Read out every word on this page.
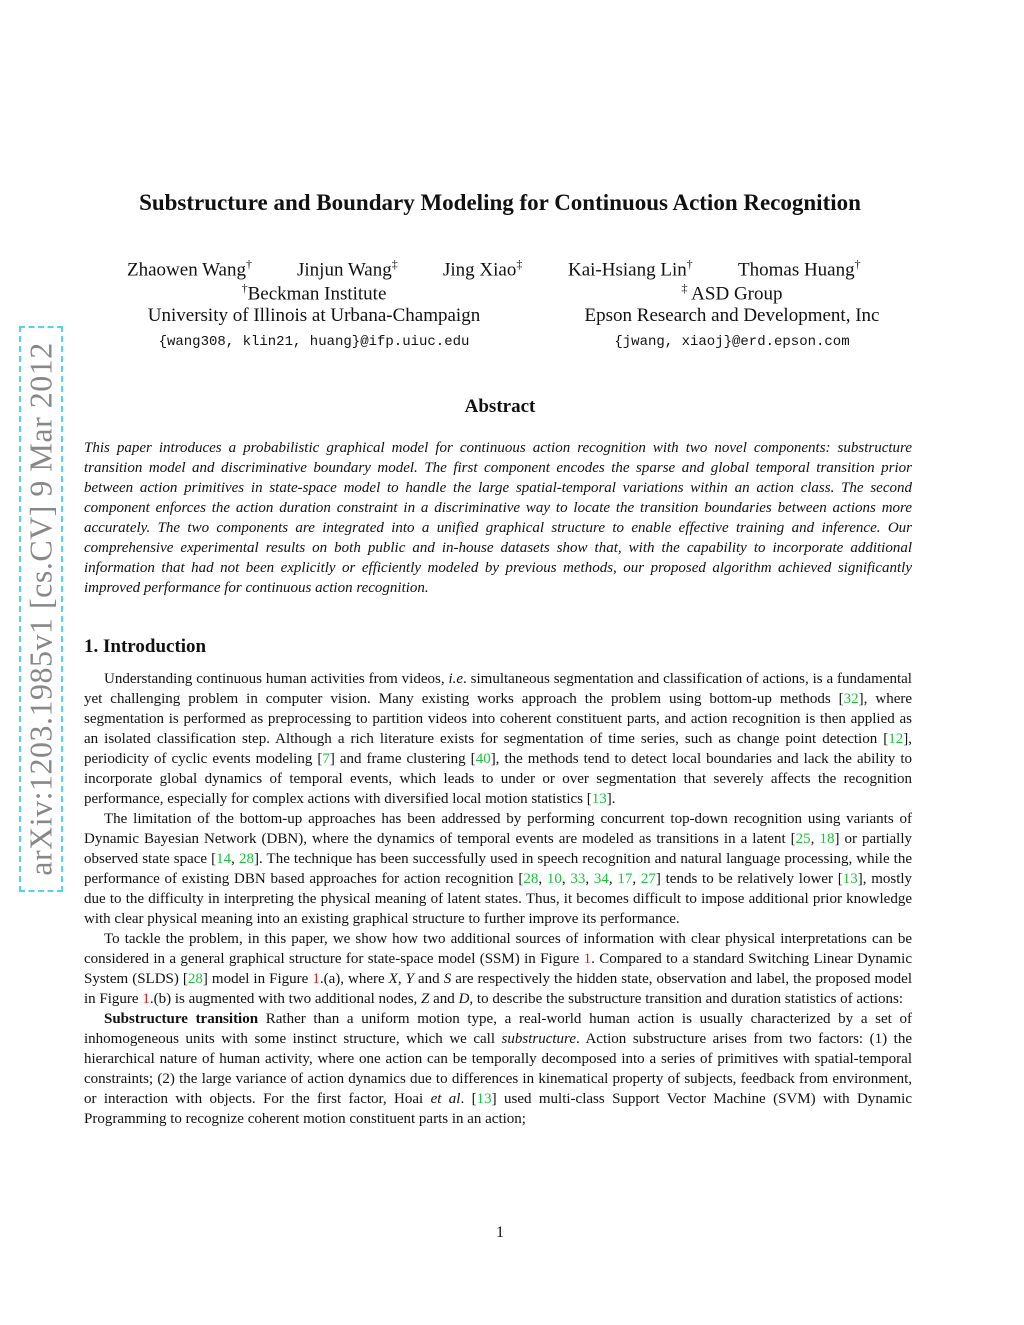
arXiv:1203.1985v1 [cs.CV] 9 Mar 2012
Substructure and Boundary Modeling for Continuous Action Recognition
Zhaowen Wang† Jinjun Wang‡ Jing Xiao‡ Kai-Hsiang Lin† Thomas Huang†
†Beckman Institute
University of Illinois at Urbana-Champaign
{wang308, klin21, huang}@ifp.uiuc.edu
‡ ASD Group
Epson Research and Development, Inc
{jwang, xiaoj}@erd.epson.com
Abstract

This paper introduces a probabilistic graphical model for continuous action recognition with two novel components: substructure transition model and discriminative boundary model. The first component encodes the sparse and global temporal transition prior between action primitives in state-space model to handle the large spatial-temporal variations within an action class. The second component enforces the action duration constraint in a discriminative way to locate the transition boundaries between actions more accurately. The two components are integrated into a unified graphical structure to enable effective training and inference. Our comprehensive experimental results on both public and in-house datasets show that, with the capability to incorporate additional information that had not been explicitly or efficiently modeled by previous methods, our proposed algorithm achieved significantly improved performance for continuous action recognition.

1. Introduction

Understanding continuous human activities from videos, i.e. simultaneous segmentation and classification of actions, is a fundamental yet challenging problem in computer vision. Many existing works approach the problem using bottom-up methods [32], where segmentation is performed as preprocessing to partition videos into coherent constituent parts, and action recognition is then applied as an isolated classification step. Although a rich literature exists for segmentation of time series, such as change point detection [12], periodicity of cyclic events modeling [7] and frame clustering [40], the methods tend to detect local boundaries and lack the ability to incorporate global dynamics of temporal events, which leads to under or over segmentation that severely affects the recognition performance, especially for complex actions with diversified local motion statistics [13].

The limitation of the bottom-up approaches has been addressed by performing concurrent top-down recognition using variants of Dynamic Bayesian Network (DBN), where the dynamics of temporal events are modeled as transitions in a latent [25, 18] or partially observed state space [14, 28]. The technique has been successfully used in speech recognition and natural language processing, while the performance of existing DBN based approaches for action recognition [28, 10, 33, 34, 17, 27] tends to be relatively lower [13], mostly due to the difficulty in interpreting the physical meaning of latent states. Thus, it becomes difficult to impose additional prior knowledge with clear physical meaning into an existing graphical structure to further improve its performance.

To tackle the problem, in this paper, we show how two additional sources of information with clear physical interpretations can be considered in a general graphical structure for state-space model (SSM) in Figure 1. Compared to a standard Switching Linear Dynamic System (SLDS) [28] model in Figure 1.(a), where X, Y and S are respectively the hidden state, observation and label, the proposed model in Figure 1.(b) is augmented with two additional nodes, Z and D, to describe the substructure transition and duration statistics of actions:

Substructure transition Rather than a uniform motion type, a real-world human action is usually characterized by a set of inhomogeneous units with some instinct structure, which we call substructure. Action substructure arises from two factors: (1) the hierarchical nature of human activity, where one action can be temporally decomposed into a series of primitives with spatial-temporal constraints; (2) the large variance of action dynamics due to differences in kinematical property of subjects, feedback from environment, or interaction with objects. For the first factor, Hoai et al. [13] used multi-class Support Vector Machine (SVM) with Dynamic Programming to recognize coherent motion constituent parts in an action;

1
